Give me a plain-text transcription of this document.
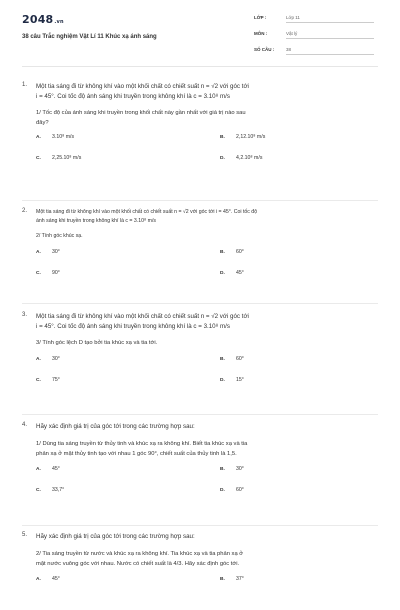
2048.vn
38 câu Trắc nghiệm Vật Lí 11 Khúc xạ ánh sáng
LỚP :	Lớp 11
MÔN :	Vật lý
SỐ CÂU :	38
1. Một tia sáng đi từ không khí vào một khối chất có chiết suất n = √2 với góc tới

i = 45°. Coi tốc độ ánh sáng khi truyền trong không khí là c = 3.10⁸ m/s

1/ Tốc độ của ánh sáng khi truyền trong khối chất này gần nhất với giá trị nào sau

đây?

A. 3.10⁸ m/s	B. 2,12.10⁸ m/s
C. 2,25.10⁸ m/s	D. 4,2.10⁸ m/s
2. Một tia sáng đi từ không khí vào một khối chất có chiết suất n = √2 với góc tới i = 45°. Coi tốc độ

ánh sáng khi truyền trong không khí là c = 3.10⁸ m/s

2/ Tính góc khúc xạ.

A. 30°	B. 60°
C. 90°	D. 45°
3. Một tia sáng đi từ không khí vào một khối chất có chiết suất n = √2 với góc tới

i = 45°. Coi tốc độ ánh sáng khi truyền trong không khí là c = 3.10⁸ m/s

3/ Tính góc lệch D tạo bởi tia khúc xạ và tia tới.

A. 30°	B. 60°
C. 75°	D. 15°
4. Hãy xác định giá trị của góc tới trong các trường hợp sau:

1/ Dùng tia sáng truyền từ thủy tinh và khúc xạ ra không khí. Biết tia khúc xạ và tia

phản xạ ở mặt thủy tinh tạo với nhau 1 góc 90°, chiết suất của thủy tinh là 1,5.

A. 45°	B. 30°
C. 33,7°	D. 60°
5. Hãy xác định giá trị của góc tới trong các trường hợp sau:

2/ Tia sáng truyền từ nước và khúc xạ ra không khí. Tia khúc xạ và tia phản xạ ở

mặt nước vuông góc với nhau. Nước có chiết suất là 4/3. Hãy xác định góc tới.

A. 45°	B. 37°
